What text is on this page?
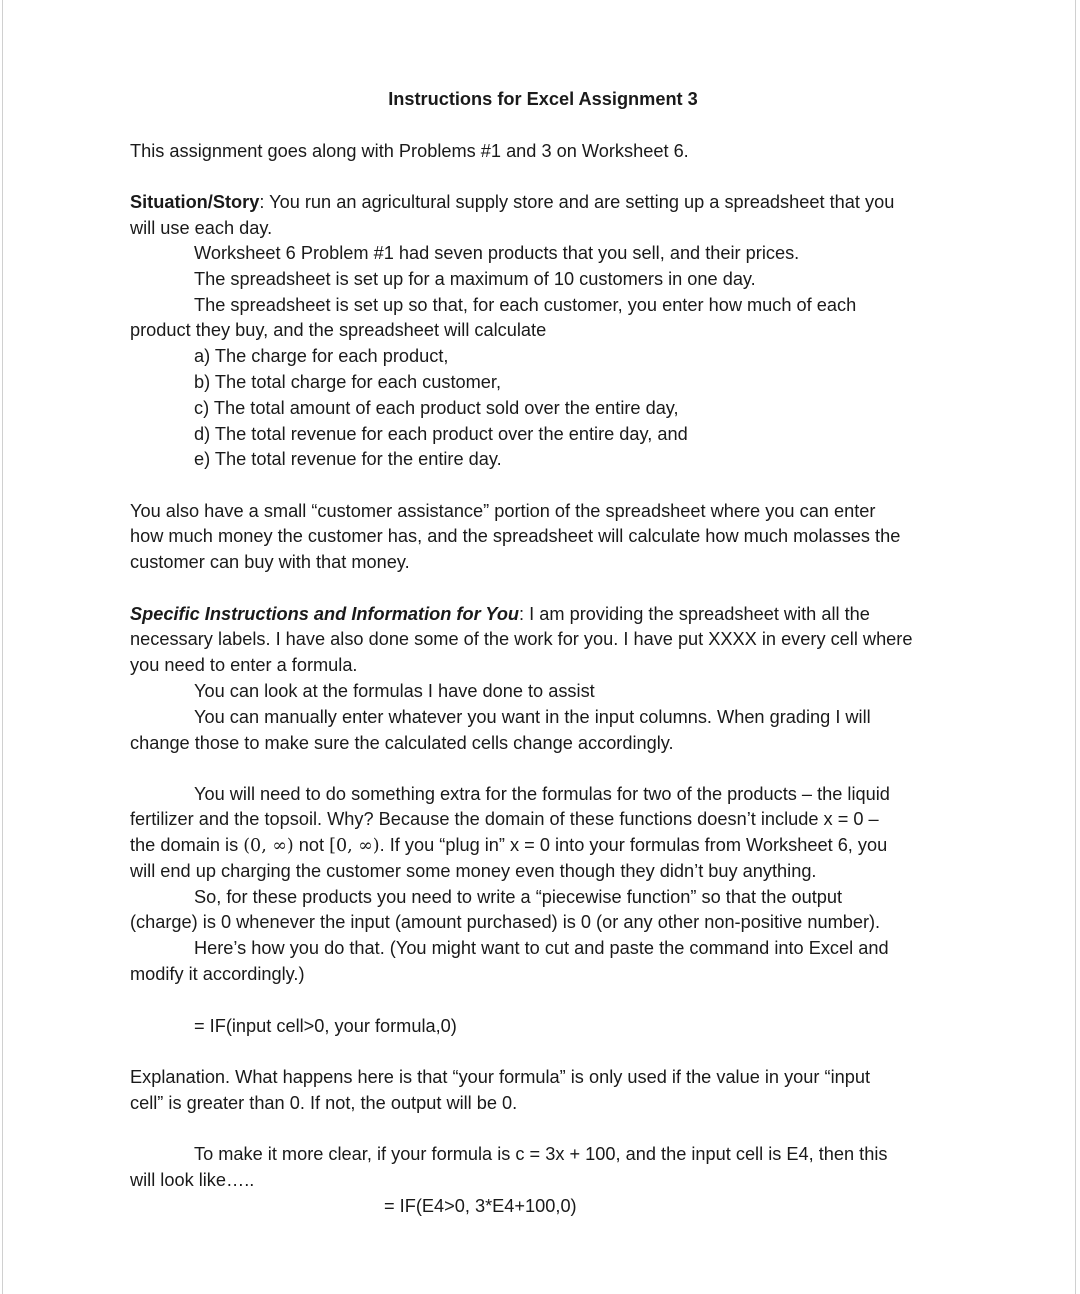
Instructions for Excel Assignment 3
This assignment goes along with Problems #1 and 3 on Worksheet 6.
Situation/Story: You run an agricultural supply store and are setting up a spreadsheet that you
will use each day.
Worksheet 6 Problem #1 had seven products that you sell, and their prices.
The spreadsheet is set up for a maximum of 10 customers in one day.
The spreadsheet is set up so that, for each customer, you enter how much of each
product they buy, and the spreadsheet will calculate
a) The charge for each product,
b) The total charge for each customer,
c) The total amount of each product sold over the entire day,
d) The total revenue for each product over the entire day, and
e) The total revenue for the entire day.
You also have a small “customer assistance” portion of the spreadsheet where you can enter
how much money the customer has, and the spreadsheet will calculate how much molasses the
customer can buy with that money.
Specific Instructions and Information for You: I am providing the spreadsheet with all the
necessary labels. I have also done some of the work for you. I have put XXXX in every cell where
you need to enter a formula.
You can look at the formulas I have done to assist
You can manually enter whatever you want in the input columns. When grading I will
change those to make sure the calculated cells change accordingly.
You will need to do something extra for the formulas for two of the products – the liquid
fertilizer and the topsoil. Why? Because the domain of these functions doesn’t include x = 0 –
the domain is (0, ∞) not [0, ∞). If you “plug in” x = 0 into your formulas from Worksheet 6, you
will end up charging the customer some money even though they didn’t buy anything.
So, for these products you need to write a “piecewise function” so that the output
(charge) is 0 whenever the input (amount purchased) is 0 (or any other non-positive number).
Here’s how you do that. (You might want to cut and paste the command into Excel and
modify it accordingly.)
= IF(input cell>0, your formula,0)
Explanation. What happens here is that “your formula” is only used if the value in your “input
cell” is greater than 0. If not, the output will be 0.
To make it more clear, if your formula is c = 3x + 100, and the input cell is E4, then this
will look like…..
= IF(E4>0, 3*E4+100,0)
